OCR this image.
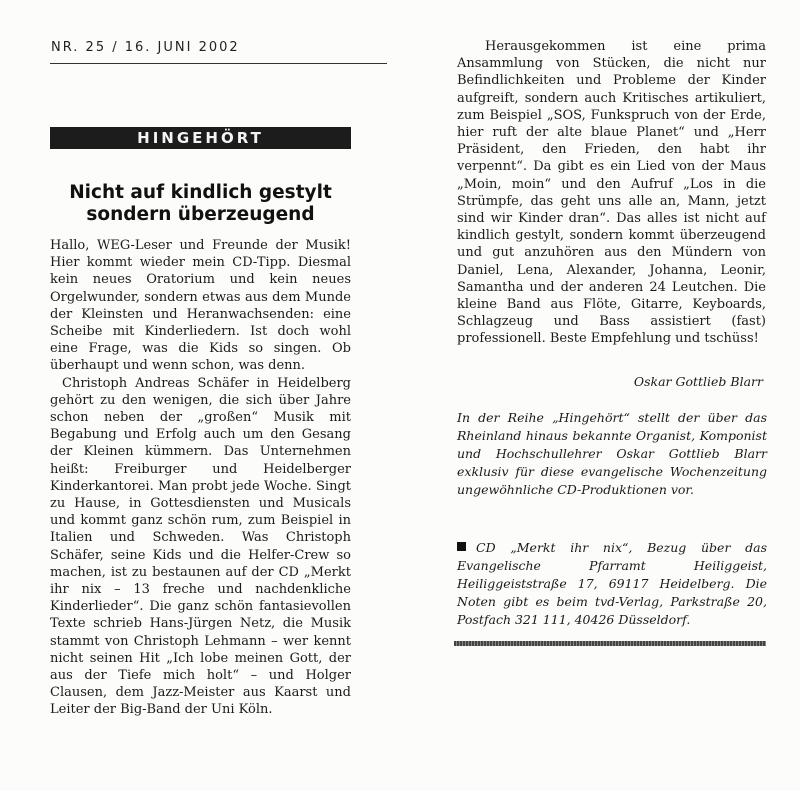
NR. 25 / 16. JUNI 2002
HINGEHÖRT
Nicht auf kindlich gestylt
sondern überzeugend

Hallo, WEG-Leser und Freunde der Musik! Hier kommt wieder mein CD-Tipp. Diesmal kein neues Oratorium und kein neues Orgelwunder, sondern etwas aus dem Munde der Kleinsten und Heranwachsenden: eine Scheibe mit Kinderliedern. Ist doch wohl eine Frage, was die Kids so singen. Ob überhaupt und wenn schon, was denn.

Christoph Andreas Schäfer in Heidelberg gehört zu den wenigen, die sich über Jahre schon neben der „großen“ Musik mit Begabung und Erfolg auch um den Gesang der Kleinen kümmern. Das Unternehmen heißt: Freiburger und Heidelberger Kinderkantorei. Man probt jede Woche. Singt zu Hause, in Gottesdiensten und Musicals und kommt ganz schön rum, zum Beispiel in Italien und Schweden. Was Christoph Schäfer, seine Kids und die Helfer-Crew so machen, ist zu bestaunen auf der CD „Merkt ihr nix – 13 freche und nachdenkliche Kinderlieder“. Die ganz schön fantasievollen Texte schrieb Hans-Jürgen Netz, die Musik stammt von Christoph Lehmann – wer kennt nicht seinen Hit „Ich lobe meinen Gott, der aus der Tiefe mich holt“ – und Holger Clausen, dem Jazz-Meister aus Kaarst und Leiter der Big-Band der Uni Köln.

Herausgekommen ist eine prima Ansammlung von Stücken, die nicht nur Befindlichkeiten und Probleme der Kinder aufgreift, sondern auch Kritisches artikuliert, zum Beispiel „SOS, Funkspruch von der Erde, hier ruft der alte blaue Planet“ und „Herr Präsident, den Frieden, den habt ihr verpennt“. Da gibt es ein Lied von der Maus „Moin, moin“ und den Aufruf „Los in die Strümpfe, das geht uns alle an, Mann, jetzt sind wir Kinder dran“. Das alles ist nicht auf kindlich gestylt, sondern kommt überzeugend und gut anzuhören aus den Mündern von Daniel, Lena, Alexander, Johanna, Leonir, Samantha und der anderen 24 Leutchen. Die kleine Band aus Flöte, Gitarre, Keyboards, Schlagzeug und Bass assistiert (fast) professionell. Beste Empfehlung und tschüss!

Oskar Gottlieb Blarr
In der Reihe „Hingehört“ stellt der über das Rheinland hinaus bekannte Organist, Komponist und Hochschullehrer Oskar Gottlieb Blarr exklusiv für diese evangelische Wochenzeitung ungewöhnliche CD-Produktionen vor.
CD „Merkt ihr nix“, Bezug über das Evangelische Pfarramt Heiliggeist, Heiliggeiststraße 17, 69117 Heidelberg. Die Noten gibt es beim tvd-Verlag, Parkstraße 20, Postfach 321 111, 40426 Düsseldorf.
